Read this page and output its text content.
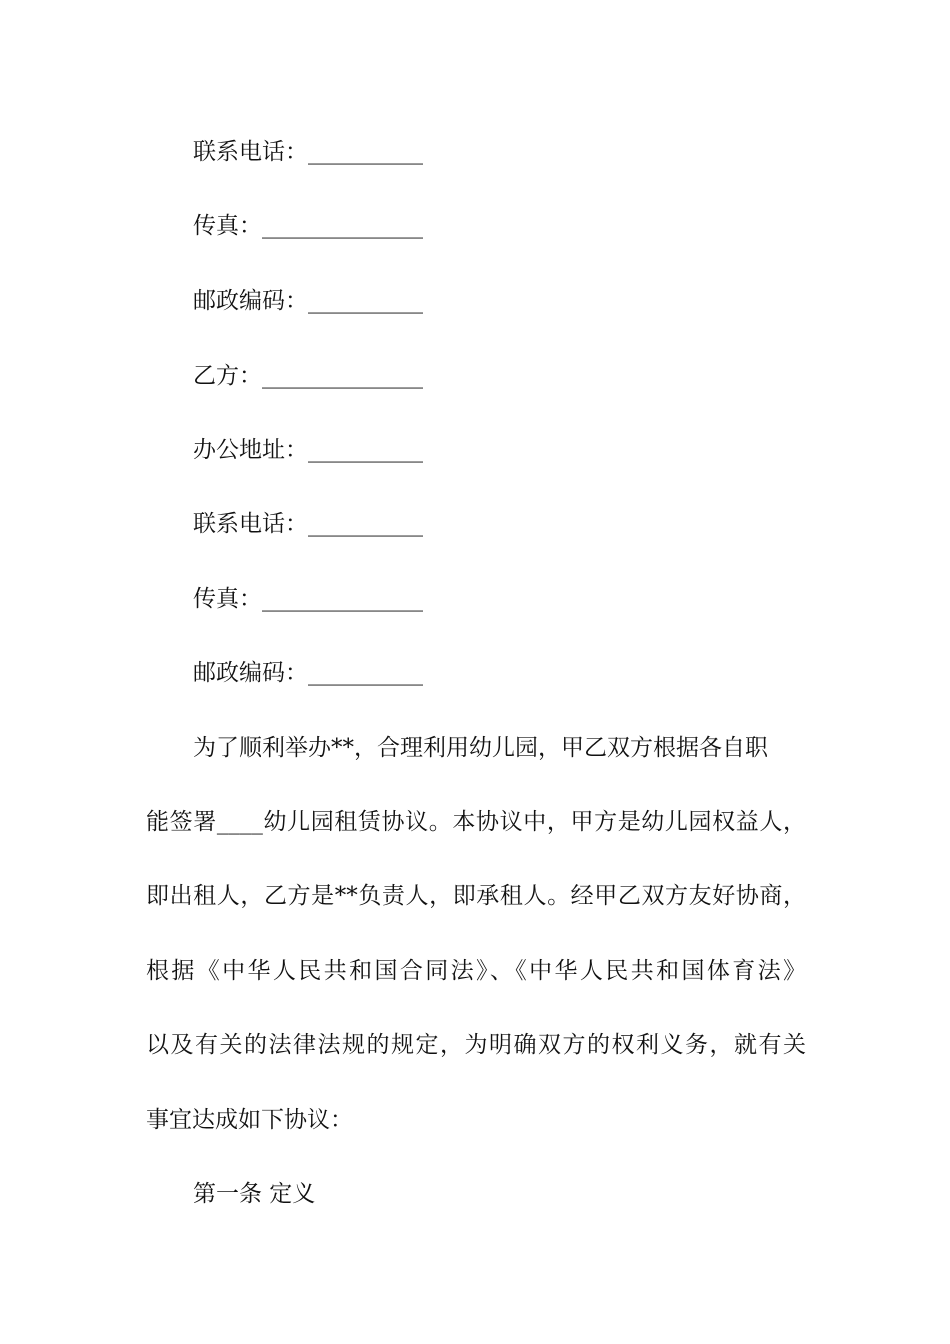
联系电话：__________
传真：______________
邮政编码：__________
乙方：______________
办公地址：__________
联系电话：__________
传真：______________
邮政编码：__________
为了顺利举办**，合理利用幼儿园，甲乙双方根据各自职
能签署____幼儿园租赁协议。本协议中，甲方是幼儿园权益人，
即出租人，乙方是**负责人，即承租人。经甲乙双方友好协商，
根据《中华人民共和国合同法》、《中华人民共和国体育法》
以及有关的法律法规的规定，为明确双方的权利义务，就有关
事宜达成如下协议：
第一条 定义
